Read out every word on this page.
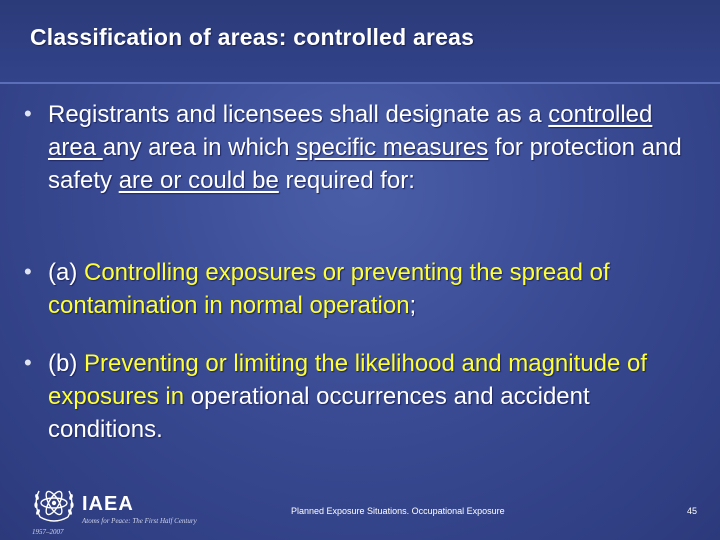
Classification of areas: controlled areas
• Registrants and licensees shall designate as a controlled area any area in which specific measures for protection and safety are or could be required for:
• (a) Controlling exposures or preventing the spread of contamination in normal operation;
• (b) Preventing or limiting the likelihood and magnitude of exposures in operational occurrences and accident conditions.
IAEA
Atoms for Peace: The First Half Century
1957–2007
Planned Exposure Situations. Occupational Exposure	45
